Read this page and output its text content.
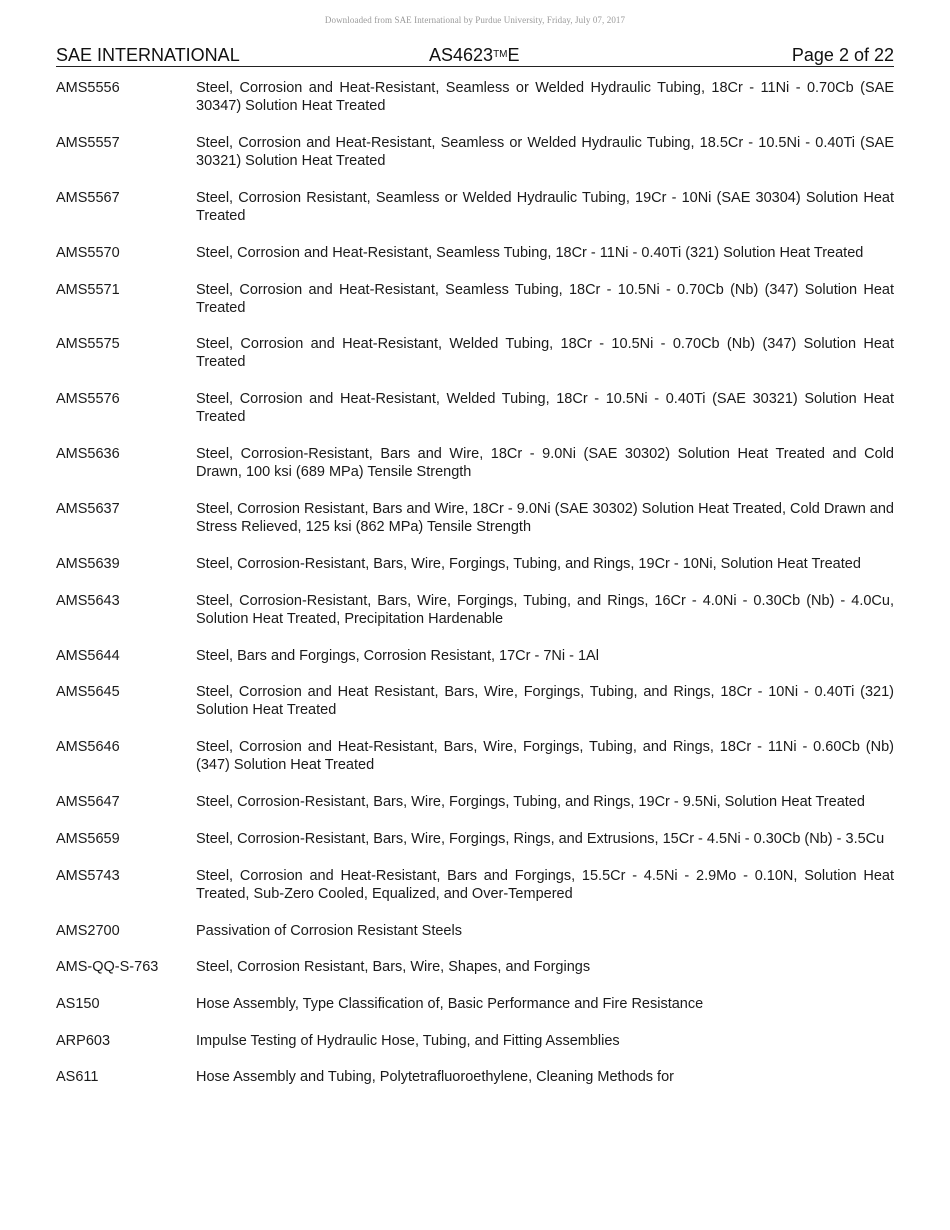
Downloaded from SAE International by Purdue University, Friday, July 07, 2017
SAE INTERNATIONAL	AS4623™E	Page 2 of 22
AMS5556	Steel, Corrosion and Heat-Resistant, Seamless or Welded Hydraulic Tubing, 18Cr - 11Ni - 0.70Cb (SAE 30347) Solution Heat Treated
AMS5557	Steel, Corrosion and Heat-Resistant, Seamless or Welded Hydraulic Tubing, 18.5Cr - 10.5Ni - 0.40Ti (SAE 30321) Solution Heat Treated
AMS5567	Steel, Corrosion Resistant, Seamless or Welded Hydraulic Tubing, 19Cr - 10Ni (SAE 30304) Solution Heat Treated
AMS5570	Steel, Corrosion and Heat-Resistant, Seamless Tubing, 18Cr - 11Ni - 0.40Ti (321) Solution Heat Treated
AMS5571	Steel, Corrosion and Heat-Resistant, Seamless Tubing, 18Cr - 10.5Ni - 0.70Cb (Nb) (347) Solution Heat Treated
AMS5575	Steel, Corrosion and Heat-Resistant, Welded Tubing, 18Cr - 10.5Ni - 0.70Cb (Nb) (347) Solution Heat Treated
AMS5576	Steel, Corrosion and Heat-Resistant, Welded Tubing, 18Cr - 10.5Ni - 0.40Ti (SAE 30321) Solution Heat Treated
AMS5636	Steel, Corrosion-Resistant, Bars and Wire, 18Cr - 9.0Ni (SAE 30302) Solution Heat Treated and Cold Drawn, 100 ksi (689 MPa) Tensile Strength
AMS5637	Steel, Corrosion Resistant, Bars and Wire, 18Cr - 9.0Ni (SAE 30302) Solution Heat Treated, Cold Drawn and Stress Relieved, 125 ksi (862 MPa) Tensile Strength
AMS5639	Steel, Corrosion-Resistant, Bars, Wire, Forgings, Tubing, and Rings, 19Cr - 10Ni, Solution Heat Treated
AMS5643	Steel, Corrosion-Resistant, Bars, Wire, Forgings, Tubing, and Rings, 16Cr - 4.0Ni - 0.30Cb (Nb) - 4.0Cu, Solution Heat Treated, Precipitation Hardenable
AMS5644	Steel, Bars and Forgings, Corrosion Resistant, 17Cr - 7Ni - 1Al
AMS5645	Steel, Corrosion and Heat Resistant, Bars, Wire, Forgings, Tubing, and Rings, 18Cr - 10Ni - 0.40Ti (321) Solution Heat Treated
AMS5646	Steel, Corrosion and Heat-Resistant, Bars, Wire, Forgings, Tubing, and Rings, 18Cr - 11Ni - 0.60Cb (Nb) (347) Solution Heat Treated
AMS5647	Steel, Corrosion-Resistant, Bars, Wire, Forgings, Tubing, and Rings, 19Cr - 9.5Ni, Solution Heat Treated
AMS5659	Steel, Corrosion-Resistant, Bars, Wire, Forgings, Rings, and Extrusions, 15Cr - 4.5Ni - 0.30Cb (Nb) - 3.5Cu
AMS5743	Steel, Corrosion and Heat-Resistant, Bars and Forgings, 15.5Cr - 4.5Ni - 2.9Mo - 0.10N, Solution Heat Treated, Sub-Zero Cooled, Equalized, and Over-Tempered
AMS2700	Passivation of Corrosion Resistant Steels
AMS-QQ-S-763	Steel, Corrosion Resistant, Bars, Wire, Shapes, and Forgings
AS150	Hose Assembly, Type Classification of, Basic Performance and Fire Resistance
ARP603	Impulse Testing of Hydraulic Hose, Tubing, and Fitting Assemblies
AS611	Hose Assembly and Tubing, Polytetrafluoroethylene, Cleaning Methods for
